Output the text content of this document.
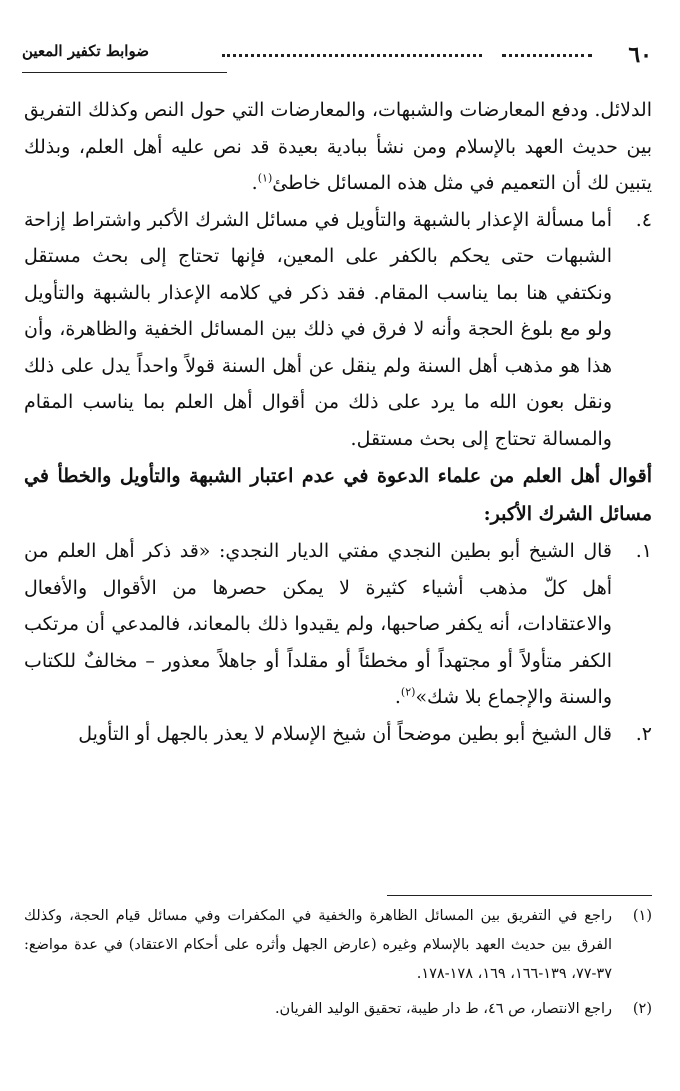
٦٠
ضوابط تكفير المعين

الدلائل. ودفع المعارضات والشبهات، والمعارضات التي حول النص وكذلك التفريق بين حديث العهد بالإسلام ومن نشأ ببادية بعيدة قد نص عليه أهل العلم، وبذلك يتبين لك أن التعميم في مثل هذه المسائل خاطئ$^{(١)}$.

٤.
أما مسألة الإعذار بالشبهة والتأويل في مسائل الشرك الأكبر واشتراط إزاحة الشبهات حتى يحكم بالكفر على المعين، فإنها تحتاج إلى بحث مستقل ونكتفي هنا بما يناسب المقام. فقد ذكر في كلامه الإعذار بالشبهة والتأويل ولو مع بلوغ الحجة وأنه لا فرق في ذلك بين المسائل الخفية والظاهرة، وأن هذا هو مذهب أهل السنة ولم ينقل عن أهل السنة قولاً واحداً يدل على ذلك ونقل بعون الله ما يرد على ذلك من أقوال أهل العلم بما يناسب المقام والمسالة تحتاج إلى بحث مستقل.

أقوال أهل العلم من علماء الدعوة في عدم اعتبار الشبهة والتأويل والخطأ في مسائل الشرك الأكبر:

١.
قال الشيخ أبو بطين النجدي مفتي الديار النجدي: «قد ذكر أهل العلم من أهل كلّ مذهب أشياء كثيرة لا يمكن حصرها من الأقوال والأفعال والاعتقادات، أنه يكفر صاحبها، ولم يقيدوا ذلك بالمعاند، فالمدعي أن مرتكب الكفر متأولاً أو مجتهداً أو مخطئاً أو مقلداً أو جاهلاً معذور – مخالفٌ للكتاب والسنة والإجماع بلا شك»$^{(٢)}$.

٢.
قال الشيخ أبو بطين موضحاً أن شيخ الإسلام لا يعذر بالجهل أو التأويل

(١)
راجع في التفريق بين المسائل الظاهرة والخفية في المكفرات وفي مسائل قيام الحجة، وكذلك الفرق بين حديث العهد بالإسلام وغيره (عارض الجهل وأثره على أحكام الاعتقاد) في عدة مواضع: ٣٧-٧٧، ١٣٩-١٦٦، ١٦٩، ١٧٨-١٧٨.

(٢)
راجع الانتصار، ص ٤٦، ط دار طيبة، تحقيق الوليد الفريان.
